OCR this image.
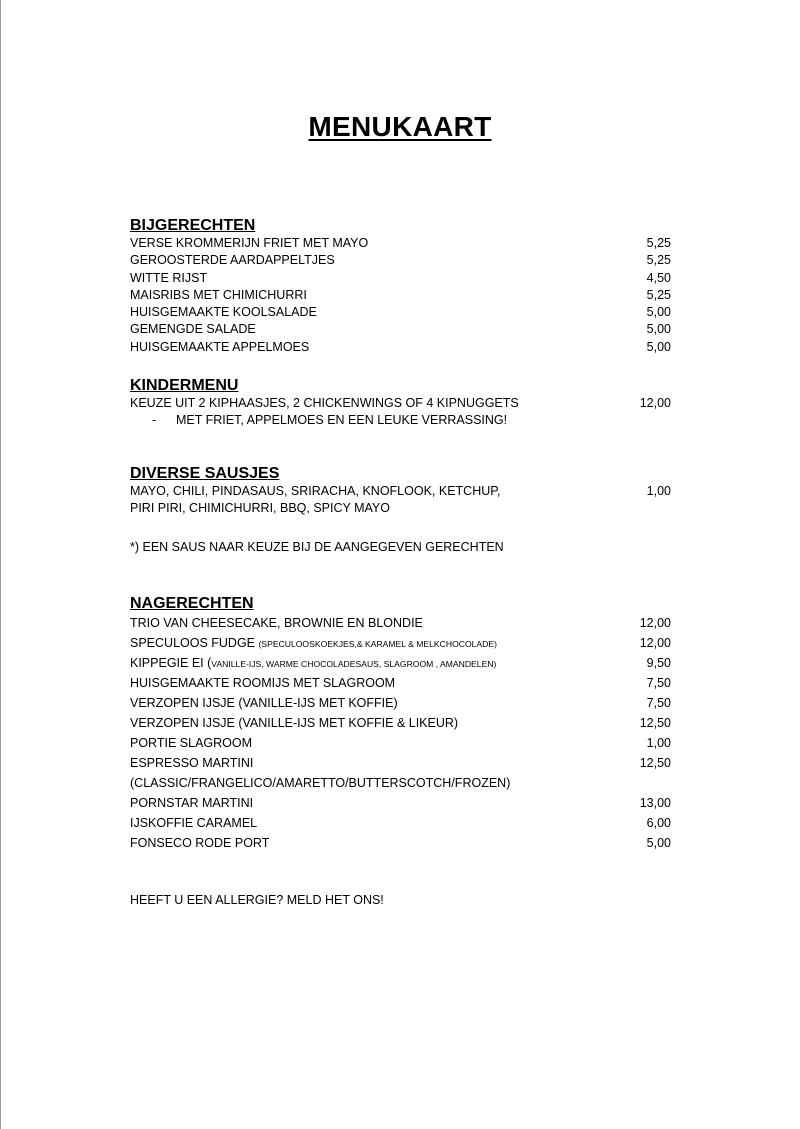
MENUKAART
BIJGERECHTEN
VERSE KROMMERIJN FRIET MET MAYO	5,25
GEROOSTERDE AARDAPPELTJES	5,25
WITTE RIJST	4,50
MAISRIBS MET CHIMICHURRI	5,25
HUISGEMAAKTE KOOLSALADE	5,00
GEMENGDE SALADE	5,00
HUISGEMAAKTE APPELMOES	5,00
KINDERMENU
KEUZE UIT 2 KIPHAASJES, 2 CHICKENWINGS OF 4 KIPNUGGETS	12,00
- MET FRIET, APPELMOES EN EEN LEUKE VERRASSING!
DIVERSE SAUSJES
MAYO, CHILI, PINDASAUS, SRIRACHA, KNOFLOOK, KETCHUP,	1,00
PIRI PIRI, CHIMICHURRI, BBQ, SPICY MAYO
*) EEN SAUS NAAR KEUZE BIJ DE AANGEGEVEN GERECHTEN
NAGERECHTEN
TRIO VAN CHEESECAKE, BROWNIE EN BLONDIE	12,00
SPECULOOS FUDGE (SPECULOOSKOEKJES,& KARAMEL & MELKCHOCOLADE)	12,00
KIPPEGIE EI (VANILLE-IJS, WARME CHOCOLADESAUS, SLAGROOM , AMANDELEN)	9,50
HUISGEMAAKTE ROOMIJS MET SLAGROOM	7,50
VERZOPEN IJSJE (VANILLE-IJS MET KOFFIE)	7,50
VERZOPEN IJSJE (VANILLE-IJS MET KOFFIE & LIKEUR)	12,50
PORTIE SLAGROOM	1,00
ESPRESSO MARTINI	12,50
(CLASSIC/FRANGELICO/AMARETTO/BUTTERSCOTCH/FROZEN)
PORNSTAR MARTINI	13,00
IJSKOFFIE CARAMEL	6,00
FONSECO RODE PORT	5,00
HEEFT U EEN ALLERGIE? MELD HET ONS!
